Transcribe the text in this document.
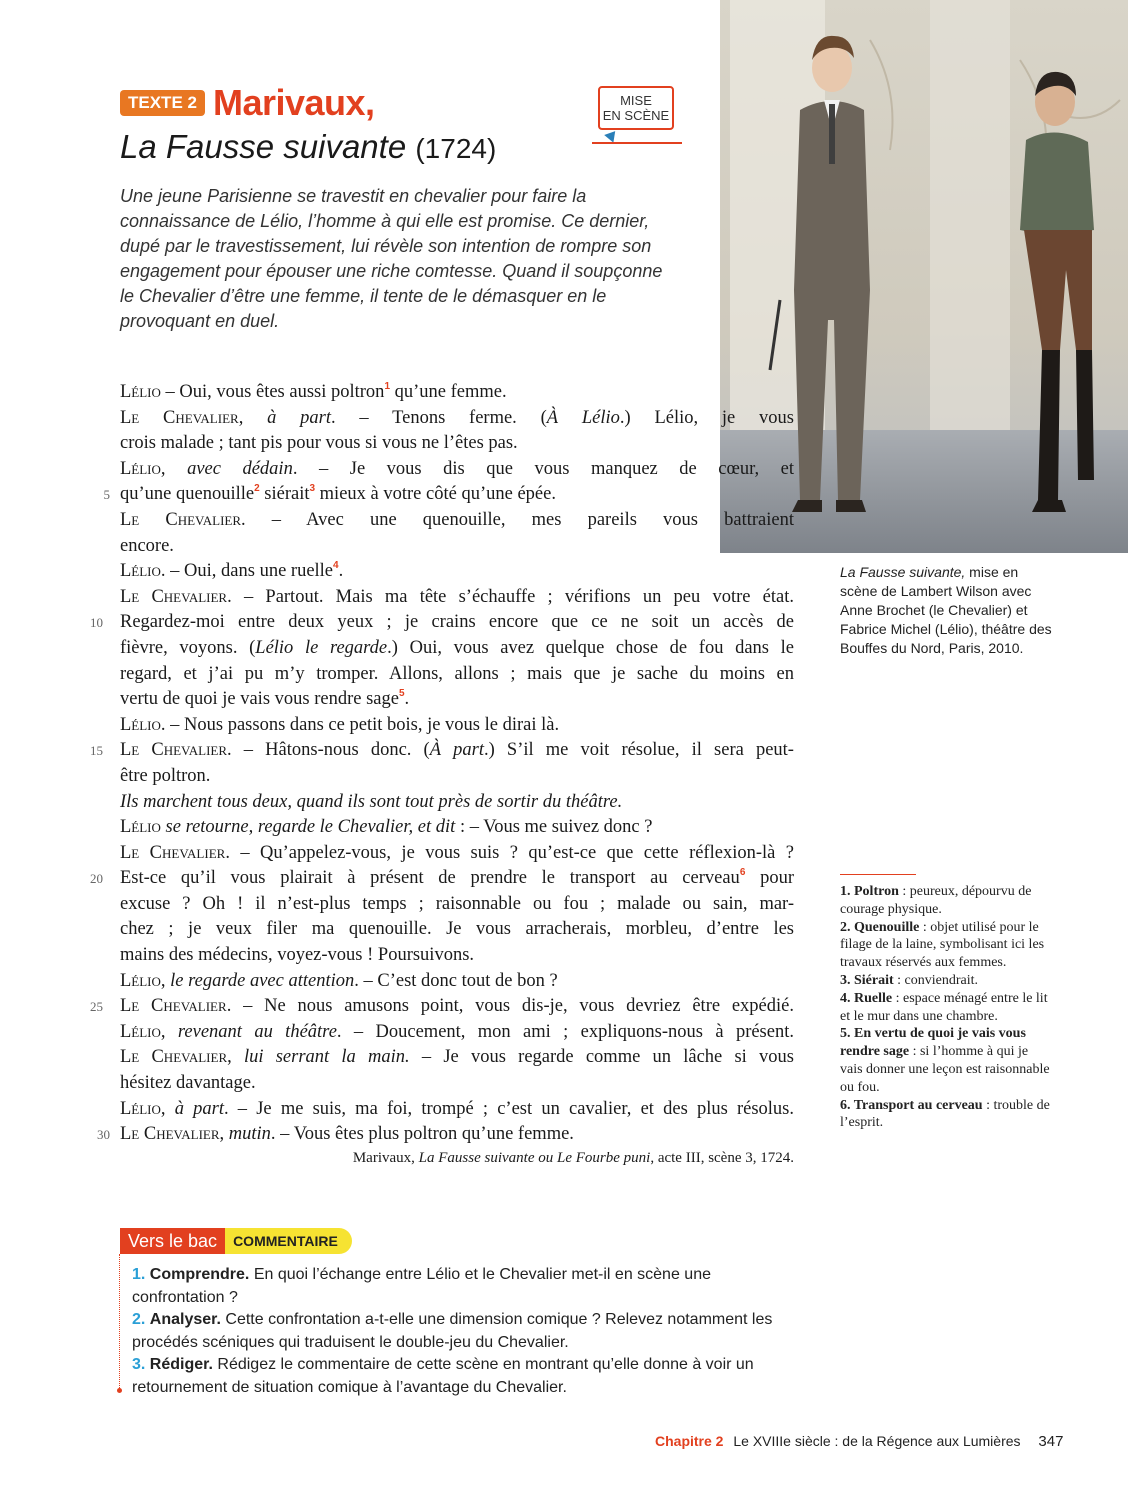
TEXTE 2 Marivaux,
La Fausse suivante (1724)
MISE
EN SCÈNE
Une jeune Parisienne se travestit en chevalier pour faire la connaissance de Lélio, l’homme à qui elle est promise. Ce dernier, dupé par le travestissement, lui révèle son intention de rompre son engagement pour épouser une riche comtesse. Quand il soupçonne le Chevalier d’être une femme, il tente de le démasquer en le provoquant en duel.
La Fausse suivante, mise en scène de Lambert Wilson avec Anne Brochet (le Chevalier) et Fabrice Michel (Lélio), théâtre des Bouffes du Nord, Paris, 2010.
Lélio – Oui, vous êtes aussi poltron$^1$ qu’une femme.
Le Chevalier, à part. – Tenons ferme. (À Lélio.) Lélio, je vous
crois malade ; tant pis pour vous si vous ne l’êtes pas.
Lélio, avec dédain. – Je vous dis que vous manquez de cœur, et
5 qu’une quenouille$^2$ siérait$^3$ mieux à votre côté qu’une épée.
Le Chevalier. – Avec une quenouille, mes pareils vous battraient
encore.
Lélio. – Oui, dans une ruelle$^4$.
Le Chevalier. – Partout. Mais ma tête s’échauffe ; vérifions un peu votre état.
10 Regardez-moi entre deux yeux ; je crains encore que ce ne soit un accès de
fièvre, voyons. (Lélio le regarde.) Oui, vous avez quelque chose de fou dans le
regard, et j’ai pu m’y tromper. Allons, allons ; mais que je sache du moins en
vertu de quoi je vais vous rendre sage$^5$.
Lélio. – Nous passons dans ce petit bois, je vous le dirai là.
15 Le Chevalier. – Hâtons-nous donc. (À part.) S’il me voit résolue, il sera peut-
être poltron.
Ils marchent tous deux, quand ils sont tout près de sortir du théâtre.
Lélio se retourne, regarde le Chevalier, et dit : – Vous me suivez donc ?
Le Chevalier. – Qu’appelez-vous, je vous suis ? qu’est-ce que cette réflexion-là ?
20 Est-ce qu’il vous plairait à présent de prendre le transport au cerveau$^6$ pour
excuse ? Oh ! il n’est-plus temps ; raisonnable ou fou ; malade ou sain, mar-
chez ; je veux filer ma quenouille. Je vous arracherais, morbleu, d’entre les
mains des médecins, voyez-vous ! Poursuivons.
Lélio, le regarde avec attention. – C’est donc tout de bon ?
25 Le Chevalier. – Ne nous amusons point, vous dis-je, vous devriez être expédié.
Lélio, revenant au théâtre. – Doucement, mon ami ; expliquons-nous à présent.
Le Chevalier, lui serrant la main. – Je vous regarde comme un lâche si vous
hésitez davantage.
Lélio, à part. – Je me suis, ma foi, trompé ; c’est un cavalier, et des plus résolus.
30 Le Chevalier, mutin. – Vous êtes plus poltron qu’une femme.
Marivaux, La Fausse suivante ou Le Fourbe puni, acte III, scène 3, 1724.
1. Poltron : peureux, dépourvu de courage physique.
2. Quenouille : objet utilisé pour le filage de la laine, symbolisant ici les travaux réservés aux femmes.
3. Siérait : conviendrait.
4. Ruelle : espace ménagé entre le lit et le mur dans une chambre.
5. En vertu de quoi je vais vous rendre sage : si l’homme à qui je vais donner une leçon est raisonnable ou fou.
6. Transport au cerveau : trouble de l’esprit.
Vers le bac	COMMENTAIRE
1. Comprendre. En quoi l’échange entre Lélio et le Chevalier met-il en scène une confrontation ?
2. Analyser. Cette confrontation a-t-elle une dimension comique ? Relevez notamment les procédés scéniques qui traduisent le double-jeu du Chevalier.
3. Rédiger. Rédigez le commentaire de cette scène en montrant qu’elle donne à voir un retournement de situation comique à l’avantage du Chevalier.
Chapitre 2 Le XVIIIe siècle : de la Régence aux Lumières 347
